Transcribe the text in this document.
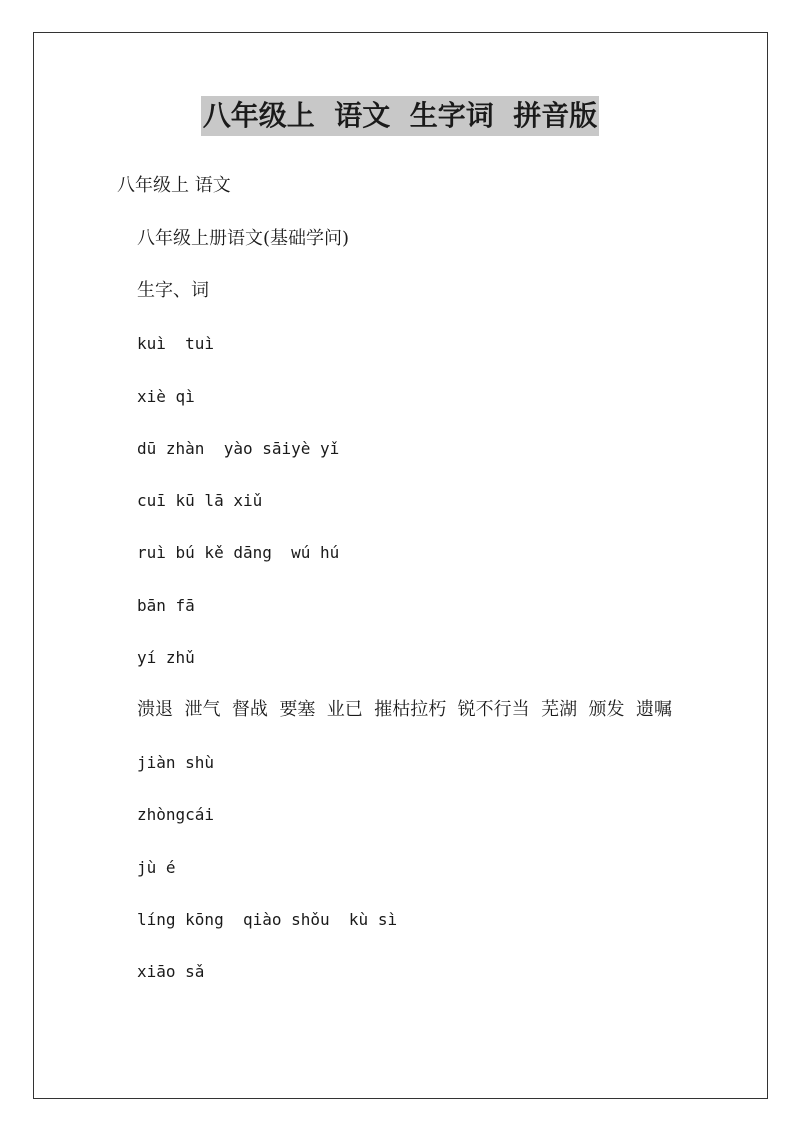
八年级上  语文  生字词  拼音版
八年级上 语文
八年级上册语文(基础学问)
生字、词
kuì  tuì
xiè qì
dū zhàn  yào sāiyè yǐ
cuī kū lā xiǔ
ruì bú kě dāng  wú hú
bān fā
yí zhǔ
溃退  泄气  督战  要塞  业已  摧枯拉朽  锐不行当  芜湖  颁发  遗嘱
jiàn shù
zhòngcái
jù é
líng kōng  qiào shǒu  kù sì
xiāo sǎ
